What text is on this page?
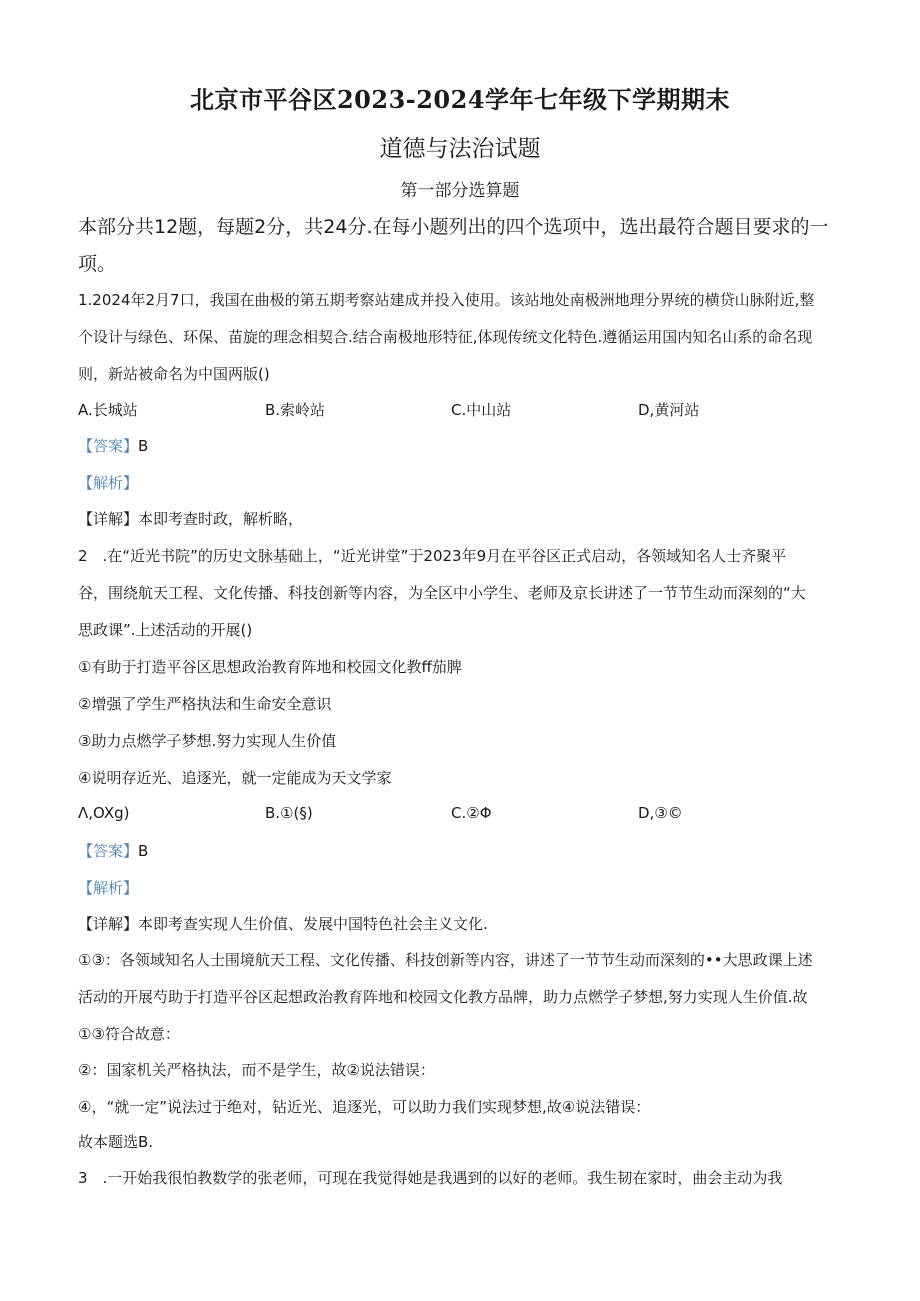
北京市平谷区2023-2024学年七年级下学期期末
道德与法治试题
第一部分选算题
本部分共12题，每题2分，共24分.在每小题列出的四个选项中，选出最符合题目要求的一项。
1.2024年2月7口，我国在曲极的第五期考察站建成并投入使用。该站地处南极洲地理分界统的横贷山脉附近,整
个设计与绿色、环保、苗旋的理念相契合.结合南极地形特征,体现传统文化特色.遵循运用国内知名山系的命名现
则，新站被命名为中国两版()
A.长城站	B.索岭站	C.中山站	D,黄河站
【答案】B
【解析】
【详解】本即考查时政，解析略，
2　.在“近光书院”的历史文脉基础上，“近光讲堂”于2023年9月在平谷区正式启动，各领域知名人士齐聚平
谷，围绕航天工程、文化传播、科技创新等内容，为全区中小学生、老师及京长讲述了一节节生动而深刻的“大
思政课”.上述活动的开展()
①有助于打造平谷区思想政治教育阵地和校园文化教ff茄脾
②增强了学生严格执法和生命安全意识
③助力点燃学子梦想.努力实现人生价值
④说明存近光、追逐光，就一定能成为天文学家
Λ,OXg)	B.①(§)	C.②Φ	D,③©
【答案】B
【解析】
【详解】本即考查实现人生价值、发展中国特色社会主义文化.
①③：各领域知名人士围境航天工程、文化传播、科技创新等内容，讲述了一节节生动而深刻的••大思政课上述
活动的开展芍助于打造平谷区起想政治教育阵地和校园文化教方品牌，助力点燃学子梦想,努力实现人生价值.故
①③符合故意：
②：国家机关严格执法，而不是学生，故②说法错误：
④，“就一定”说法过于绝对，钻近光、追逐光，可以助力我们实现梦想,故④说法错误：
故本题选B.
3　.一开始我很怕教数学的张老师，可现在我觉得她是我遇到的以好的老师。我生韧在家时，曲会主动为我
